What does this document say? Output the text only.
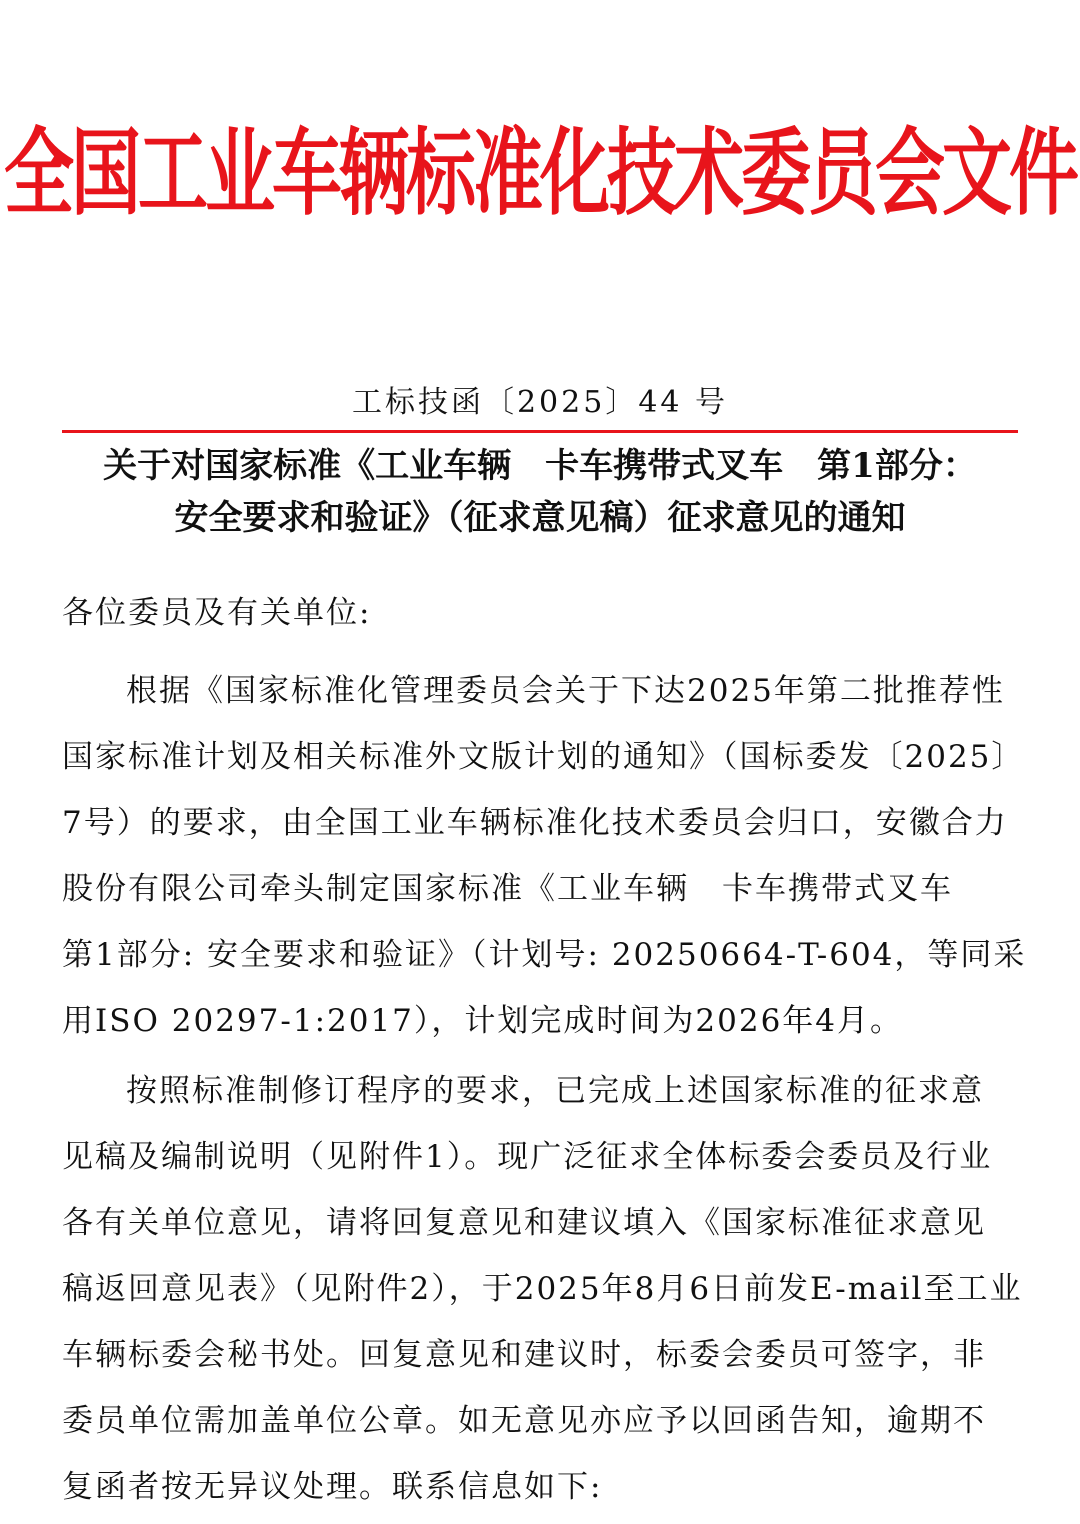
全国工业车辆标准化技术委员会文件
工标技函〔2025〕44 号
关于对国家标准《工业车辆　卡车携带式叉车　第1部分：
安全要求和验证》（征求意见稿）征求意见的通知
各位委员及有关单位:
根据《国家标准化管理委员会关于下达2025年第二批推荐性
国家标准计划及相关标准外文版计划的通知》（国标委发〔2025〕
7号）的要求，由全国工业车辆标准化技术委员会归口，安徽合力
股份有限公司牵头制定国家标准《工业车辆　卡车携带式叉车
第1部分: 安全要求和验证》（计划号: 20250664-T-604，等同采
用ISO 20297-1:2017），计划完成时间为2026年4月。
按照标准制修订程序的要求，已完成上述国家标准的征求意
见稿及编制说明（见附件1）。现广泛征求全体标委会委员及行业
各有关单位意见，请将回复意见和建议填入《国家标准征求意见
稿返回意见表》（见附件2），于2025年8月6日前发E-mail至工业
车辆标委会秘书处。回复意见和建议时，标委会委员可签字，非
委员单位需加盖单位公章。如无意见亦应予以回函告知，逾期不
复函者按无异议处理。联系信息如下:
